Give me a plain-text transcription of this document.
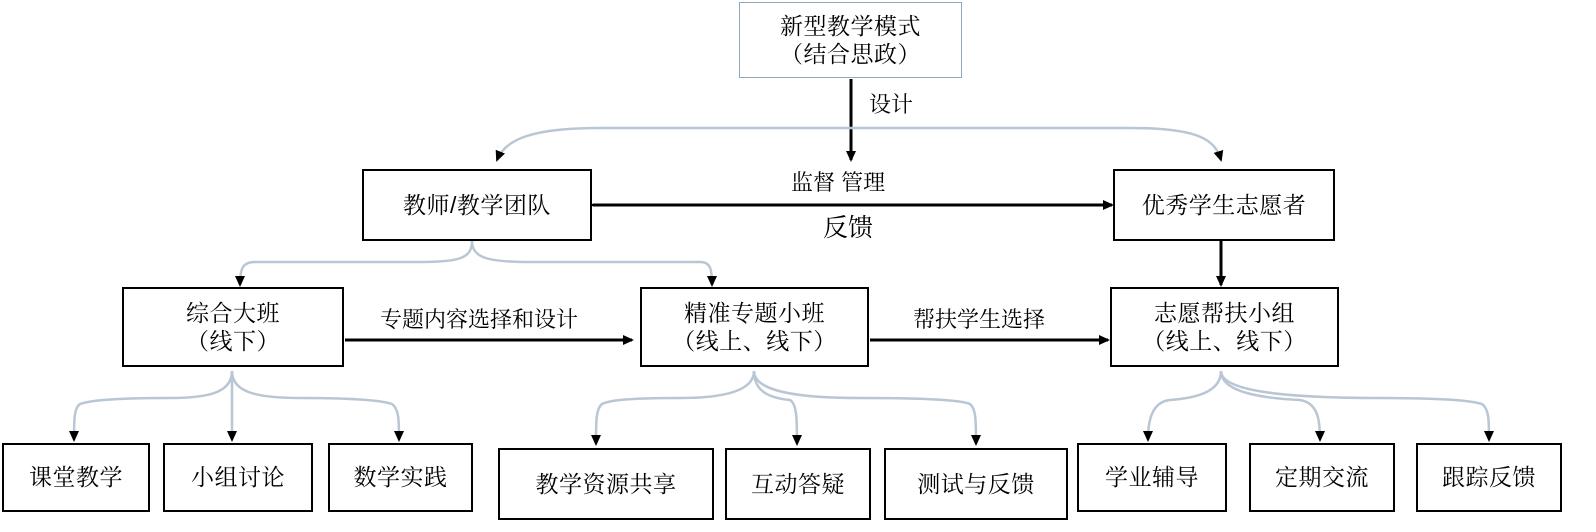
新型教学模式
（结合思政）
设计
教师/教学团队	优秀学生志愿者
监督 管理
反馈
综合大班
（线下）
精准专题小班
（线上、线下）
志愿帮扶小组
（线上、线下）
专题内容选择和设计	帮扶学生选择
课堂教学	小组讨论	数学实践	教学资源共享	互动答疑	测试与反馈	学业辅导	定期交流	跟踪反馈
